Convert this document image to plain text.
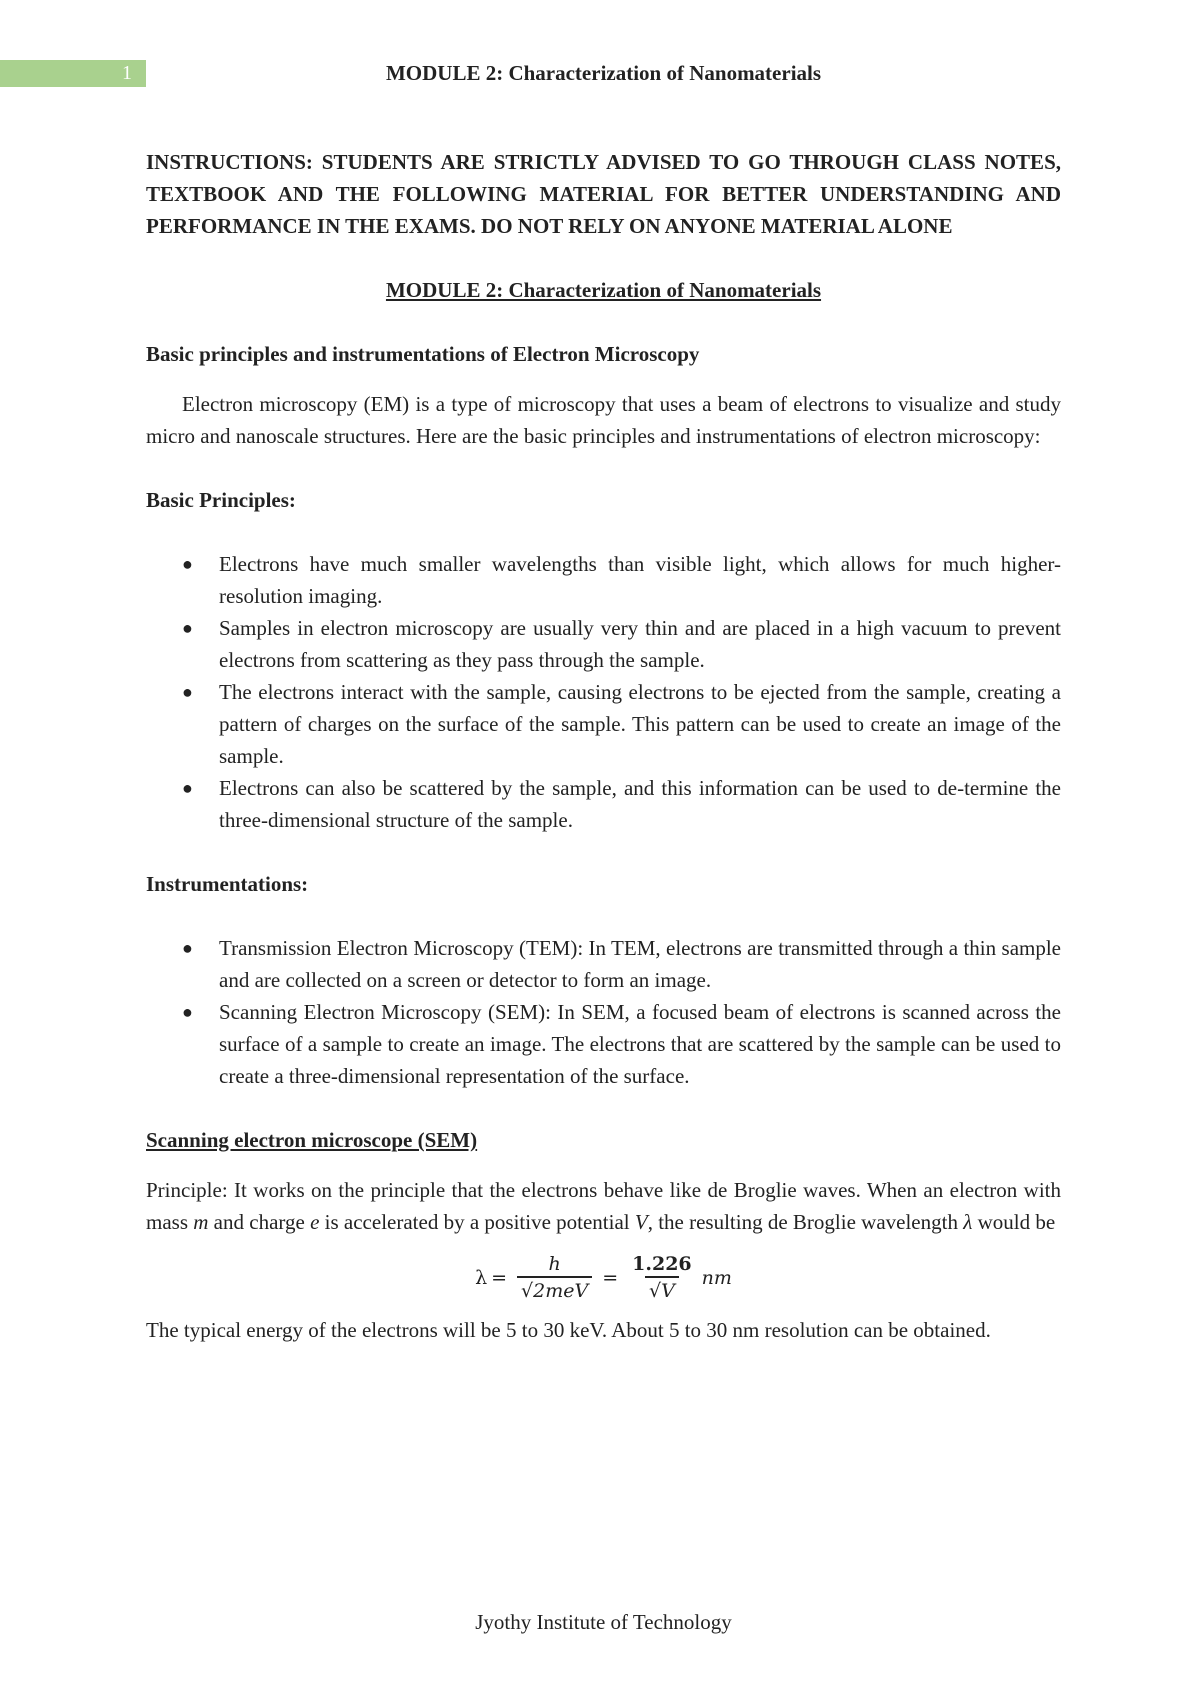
1	MODULE 2: Characterization of Nanomaterials

INSTRUCTIONS: STUDENTS ARE STRICTLY ADVISED TO GO THROUGH CLASS NOTES, TEXTBOOK AND THE FOLLOWING MATERIAL FOR BETTER UNDERSTANDING AND PERFORMANCE IN THE EXAMS. DO NOT RELY ON ANYONE MATERIAL ALONE

MODULE 2: Characterization of Nanomaterials
Basic principles and instrumentations of Electron Microscopy

Electron microscopy (EM) is a type of microscopy that uses a beam of electrons to visualize and study micro and nanoscale structures. Here are the basic principles and instrumentations of electron microscopy:

Basic Principles:
● Electrons have much smaller wavelengths than visible light, which allows for much higher-resolution imaging.
● Samples in electron microscopy are usually very thin and are placed in a high vacuum to prevent electrons from scattering as they pass through the sample.
● The electrons interact with the sample, causing electrons to be ejected from the sample, creating a pattern of charges on the surface of the sample. This pattern can be used to create an image of the sample.
● Electrons can also be scattered by the sample, and this information can be used to de-termine the three-dimensional structure of the sample.
Instrumentations:
● Transmission Electron Microscopy (TEM): In TEM, electrons are transmitted through a thin sample and are collected on a screen or detector to form an image.
● Scanning Electron Microscopy (SEM): In SEM, a focused beam of electrons is scanned across the surface of a sample to create an image. The electrons that are scattered by the sample can be used to create a three-dimensional representation of the surface.
Scanning electron microscope (SEM)

Principle: It works on the principle that the electrons behave like de Broglie waves. When an electron with mass m and charge e is accelerated by a positive potential V, the resulting de Broglie wavelength λ would be

$\lambda = \frac{h}{\text{√2meV}} = \frac{1.226}{√V}$ nm

The typical energy of the electrons will be 5 to 30 keV. About 5 to 30 nm resolution can be obtained.

Jyothy Institute of Technology
